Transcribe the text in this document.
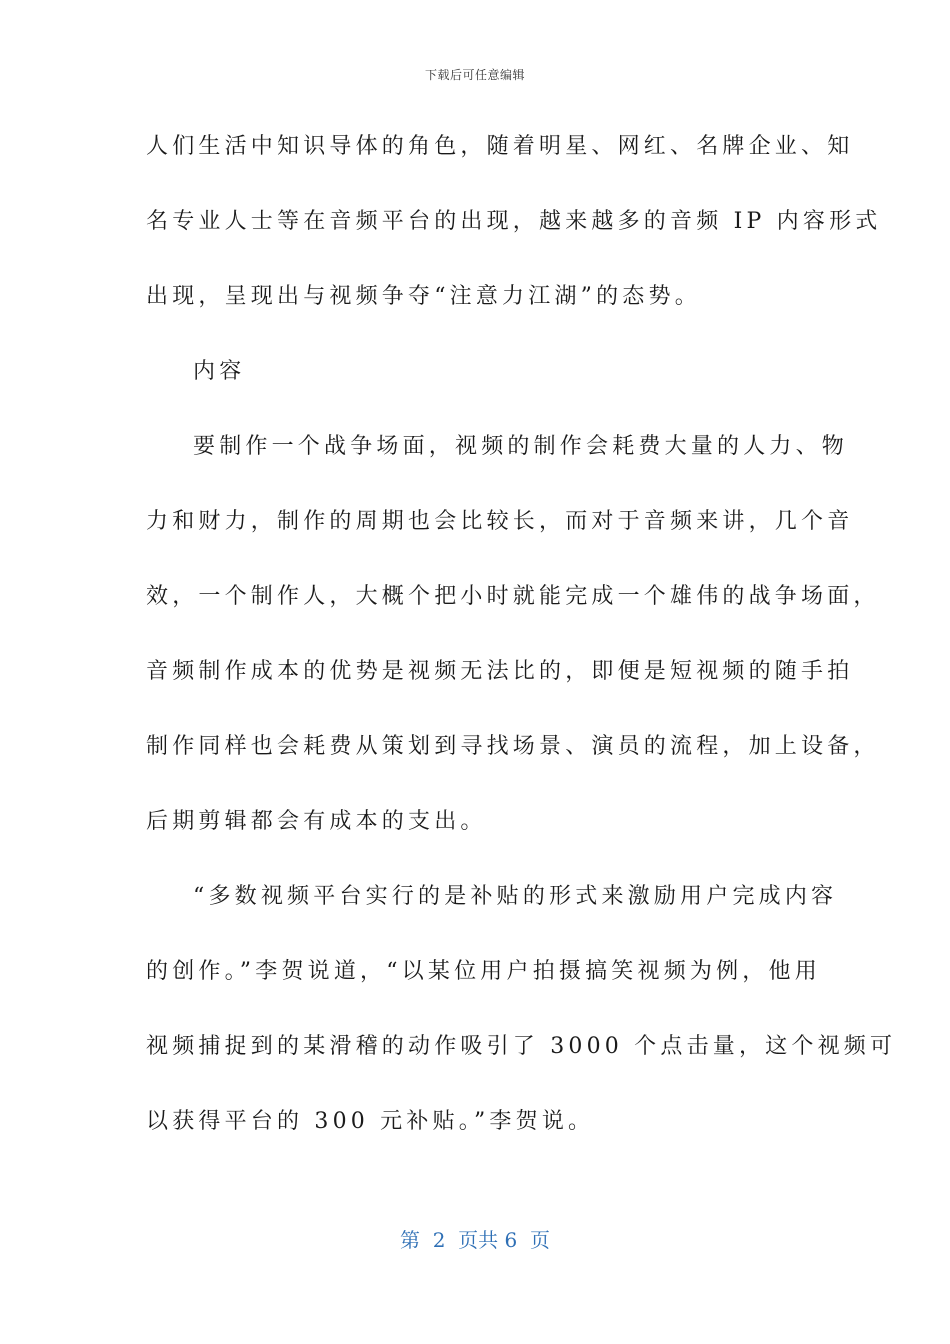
下载后可任意编辑
人们生活中知识导体的角色，随着明星、网红、名牌企业、知
名专业人士等在音频平台的出现，越来越多的音频 IP 内容形式
出现，呈现出与视频争夺“注意力江湖”的态势。
内容
要制作一个战争场面，视频的制作会耗费大量的人力、物
力和财力，制作的周期也会比较长，而对于音频来讲，几个音
效，一个制作人，大概个把小时就能完成一个雄伟的战争场面，
音频制作成本的优势是视频无法比的，即便是短视频的随手拍
制作同样也会耗费从策划到寻找场景、演员的流程，加上设备，
后期剪辑都会有成本的支出。
“多数视频平台实行的是补贴的形式来激励用户完成内容
的创作。”李贺说道，“以某位用户拍摄搞笑视频为例，他用
视频捕捉到的某滑稽的动作吸引了 3000 个点击量，这个视频可
以获得平台的 300 元补贴。”李贺说。
第  2  页共 6  页
